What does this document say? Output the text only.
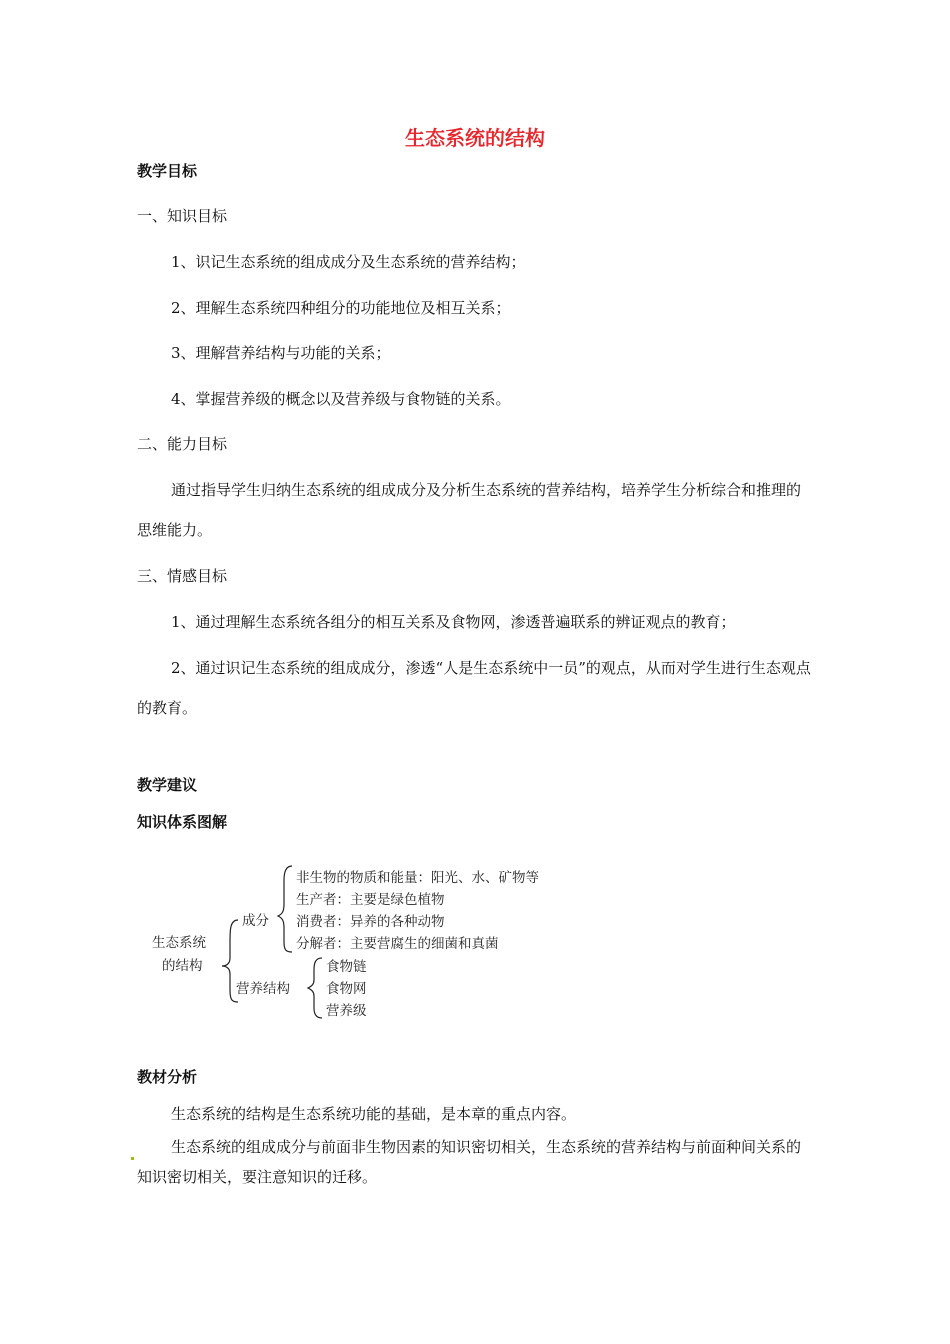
生态系统的结构
教学目标
一、知识目标
1、识记生态系统的组成成分及生态系统的营养结构；
2、理解生态系统四种组分的功能地位及相互关系；
3、理解营养结构与功能的关系；
4、掌握营养级的概念以及营养级与食物链的关系。
二、能力目标
通过指导学生归纳生态系统的组成成分及分析生态系统的营养结构，培养学生分析综合和推理的思维能力。
三、情感目标
1、通过理解生态系统各组分的相互关系及食物网，渗透普遍联系的辨证观点的教育；
2、通过识记生态系统的组成成分，渗透“人是生态系统中一员”的观点，从而对学生进行生态观点的教育。
教学建议
知识体系图解
生态系统
的结构
成分
营养结构
非生物的物质和能量：阳光、水、矿物等
生产者：主要是绿色植物
消费者：异养的各种动物
分解者：主要营腐生的细菌和真菌
食物链
食物网
营养级
教材分析
生态系统的结构是生态系统功能的基础，是本章的重点内容。
生态系统的组成成分与前面非生物因素的知识密切相关，生态系统的营养结构与前面种间关系的知识密切相关，要注意知识的迁移。
